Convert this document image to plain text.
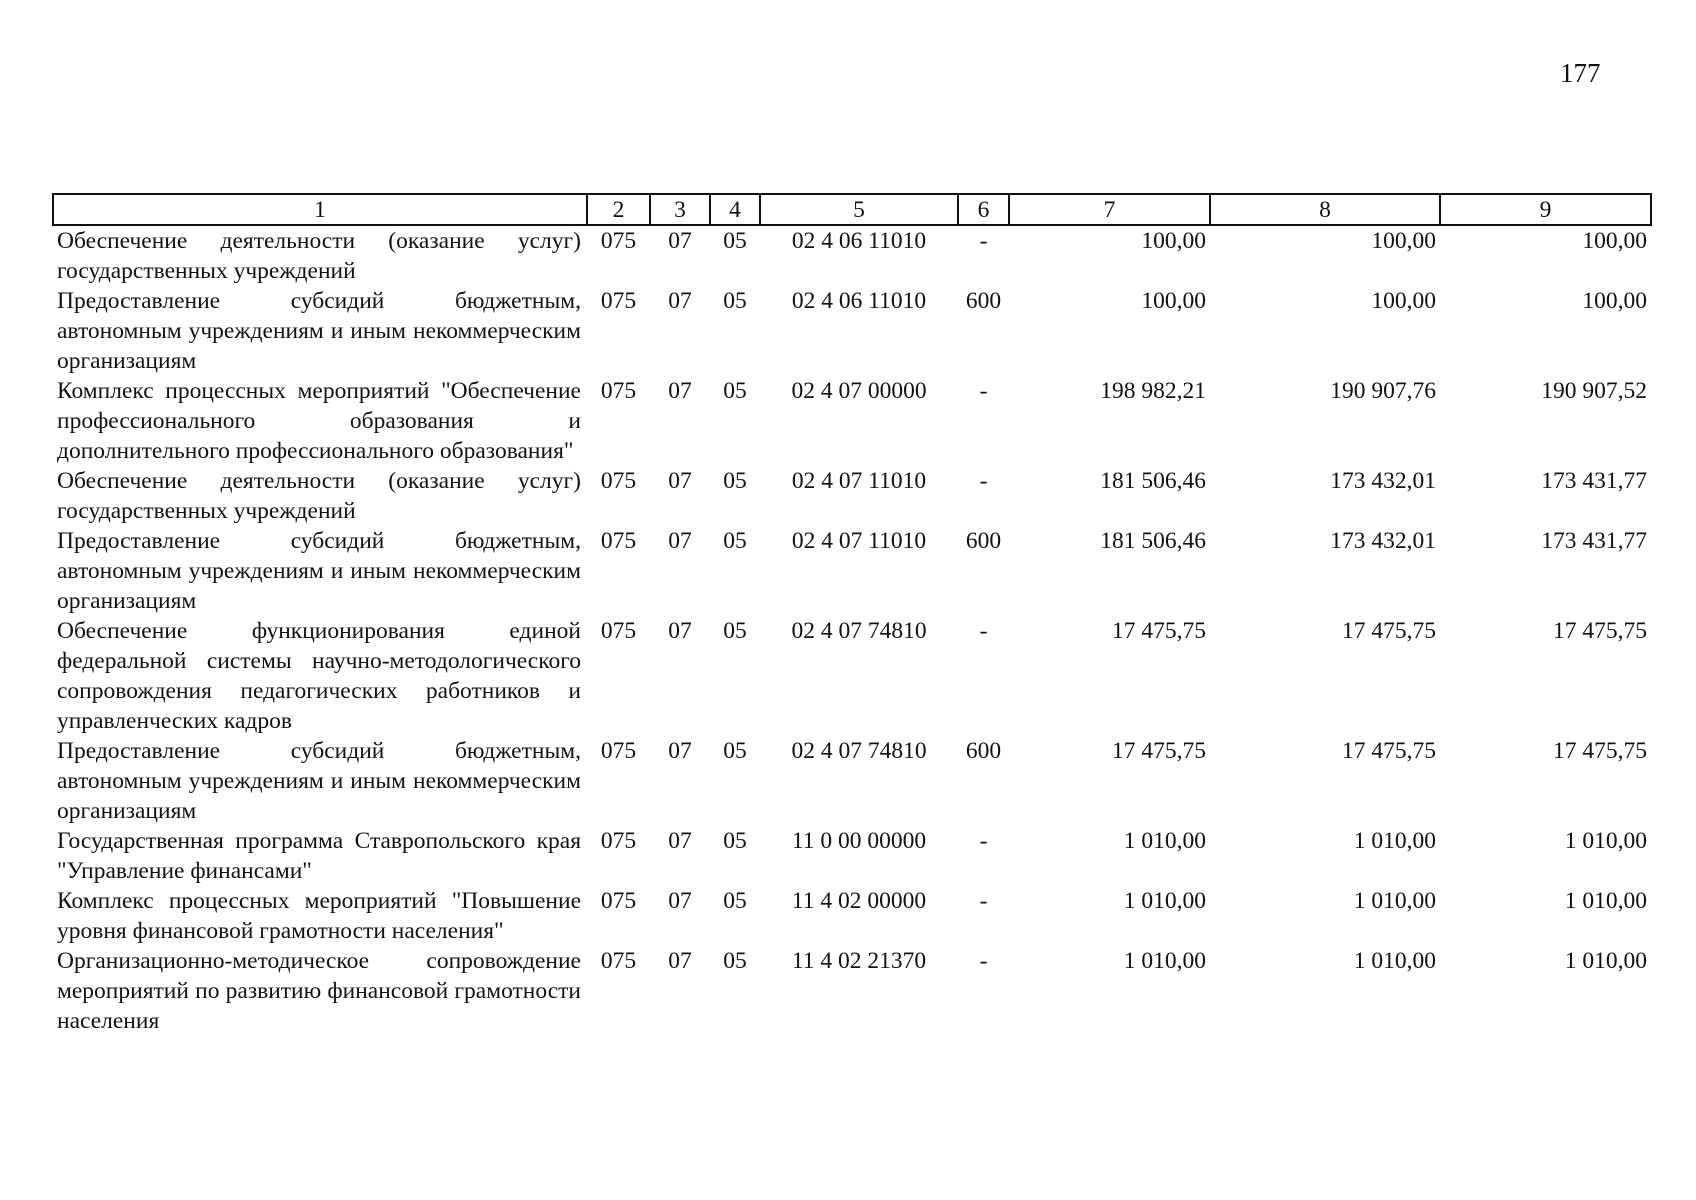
177
1	2	3	4	5	6	7	8	9
Обеспечение деятельности (оказание услуг) государственных учреждений	075	07	05	02 4 06 11010	-	100,00	100,00	100,00
Предоставление субсидий бюджетным, автономным учреждениям и иным некоммерческим организациям	075	07	05	02 4 06 11010	600	100,00	100,00	100,00
Комплекс процессных мероприятий "Обеспечение профессионального образования и дополнительного профессионального образования"	075	07	05	02 4 07 00000	-	198 982,21	190 907,76	190 907,52
Обеспечение деятельности (оказание услуг) государственных учреждений	075	07	05	02 4 07 11010	-	181 506,46	173 432,01	173 431,77
Предоставление субсидий бюджетным, автономным учреждениям и иным некоммерческим организациям	075	07	05	02 4 07 11010	600	181 506,46	173 432,01	173 431,77
Обеспечение функционирования единой федеральной системы научно-методологического сопровождения педагогических работников и управленческих кадров	075	07	05	02 4 07 74810	-	17 475,75	17 475,75	17 475,75
Предоставление субсидий бюджетным, автономным учреждениям и иным некоммерческим организациям	075	07	05	02 4 07 74810	600	17 475,75	17 475,75	17 475,75
Государственная программа Ставропольского края "Управление финансами"	075	07	05	11 0 00 00000	-	1 010,00	1 010,00	1 010,00
Комплекс процессных мероприятий "Повышение уровня финансовой грамотности населения"	075	07	05	11 4 02 00000	-	1 010,00	1 010,00	1 010,00
Организационно-методическое сопровождение мероприятий по развитию финансовой грамотности населения	075	07	05	11 4 02 21370	-	1 010,00	1 010,00	1 010,00
